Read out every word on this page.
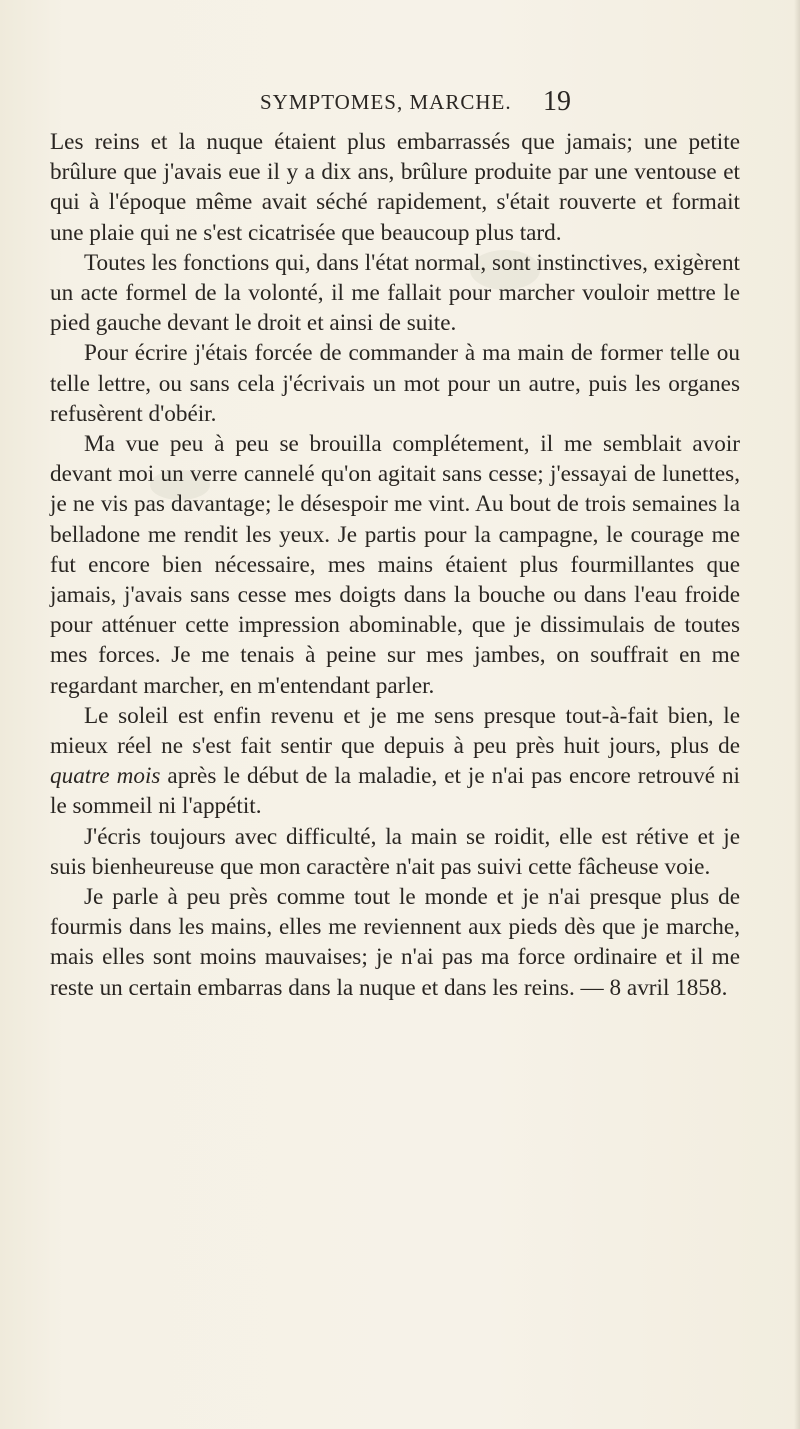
SYMPTOMES, MARCHE. 19

Les reins et la nuque étaient plus embarrassés que jamais; une petite brûlure que j'avais eue il y a dix ans, brûlure produite par une ventouse et qui à l'époque même avait séché rapidement, s'était rouverte et formait une plaie qui ne s'est cicatrisée que beaucoup plus tard.

Toutes les fonctions qui, dans l'état normal, sont instinctives, exigèrent un acte formel de la volonté, il me fallait pour marcher vouloir mettre le pied gauche devant le droit et ainsi de suite.

Pour écrire j'étais forcée de commander à ma main de former telle ou telle lettre, ou sans cela j'écrivais un mot pour un autre, puis les organes refusèrent d'obéir.

Ma vue peu à peu se brouilla complétement, il me semblait avoir devant moi un verre cannelé qu'on agitait sans cesse; j'essayai de lunettes, je ne vis pas davantage; le désespoir me vint. Au bout de trois semaines la belladone me rendit les yeux. Je partis pour la campagne, le courage me fut encore bien nécessaire, mes mains étaient plus fourmillantes que jamais, j'avais sans cesse mes doigts dans la bouche ou dans l'eau froide pour atténuer cette impression abominable, que je dissimulais de toutes mes forces. Je me tenais à peine sur mes jambes, on souffrait en me regardant marcher, en m'entendant parler.

Le soleil est enfin revenu et je me sens presque tout-à-fait bien, le mieux réel ne s'est fait sentir que depuis à peu près huit jours, plus de quatre mois après le début de la maladie, et je n'ai pas encore retrouvé ni le sommeil ni l'appétit.

J'écris toujours avec difficulté, la main se roidit, elle est rétive et je suis bienheureuse que mon caractère n'ait pas suivi cette fâcheuse voie.

Je parle à peu près comme tout le monde et je n'ai presque plus de fourmis dans les mains, elles me reviennent aux pieds dès que je marche, mais elles sont moins mauvaises; je n'ai pas ma force ordinaire et il me reste un certain embarras dans la nuque et dans les reins. — 8 avril 1858.
